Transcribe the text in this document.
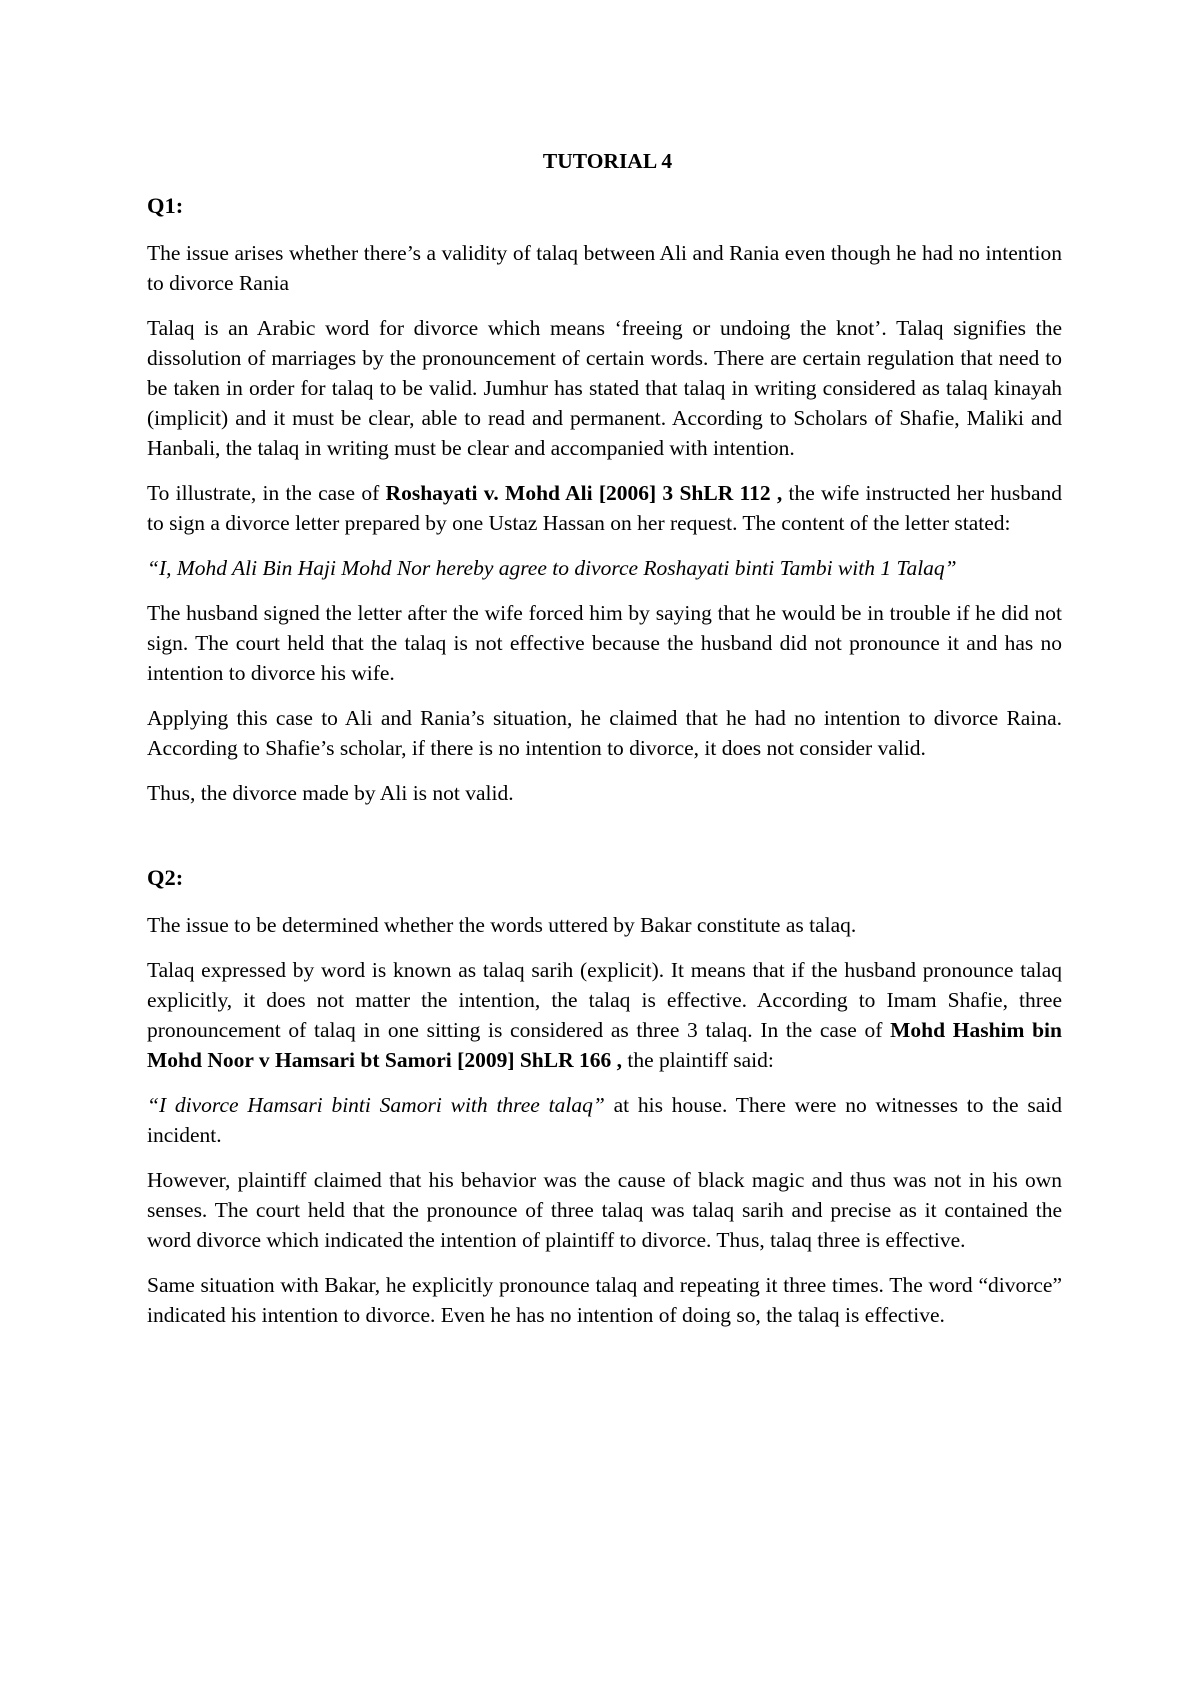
TUTORIAL 4
Q1:

The issue arises whether there’s a validity of talaq between Ali and Rania even though he had no intention to divorce Rania

Talaq is an Arabic word for divorce which means ‘freeing or undoing the knot’. Talaq signifies the dissolution of marriages by the pronouncement of certain words. There are certain regulation that need to be taken in order for talaq to be valid. Jumhur has stated that talaq in writing considered as talaq kinayah (implicit) and it must be clear, able to read and permanent. According to Scholars of Shafie, Maliki and Hanbali, the talaq in writing must be clear and accompanied with intention.

To illustrate, in the case of Roshayati v. Mohd Ali [2006] 3 ShLR 112 , the wife instructed her husband to sign a divorce letter prepared by one Ustaz Hassan on her request. The content of the letter stated:

“I, Mohd Ali Bin Haji Mohd Nor hereby agree to divorce Roshayati binti Tambi with 1 Talaq”

The husband signed the letter after the wife forced him by saying that he would be in trouble if he did not sign. The court held that the talaq is not effective because the husband did not pronounce it and has no intention to divorce his wife.

Applying this case to Ali and Rania’s situation, he claimed that he had no intention to divorce Raina. According to Shafie’s scholar, if there is no intention to divorce, it does not consider valid.

Thus, the divorce made by Ali is not valid.

Q2:

The issue to be determined whether the words uttered by Bakar constitute as talaq.

Talaq expressed by word is known as talaq sarih (explicit). It means that if the husband pronounce talaq explicitly, it does not matter the intention, the talaq is effective. According to Imam Shafie, three pronouncement of talaq in one sitting is considered as three 3 talaq. In the case of Mohd Hashim bin Mohd Noor v Hamsari bt Samori [2009] ShLR 166 , the plaintiff said:

“I divorce Hamsari binti Samori with three talaq” at his house. There were no witnesses to the said incident.

However, plaintiff claimed that his behavior was the cause of black magic and thus was not in his own senses. The court held that the pronounce of three talaq was talaq sarih and precise as it contained the word divorce which indicated the intention of plaintiff to divorce. Thus, talaq three is effective.

Same situation with Bakar, he explicitly pronounce talaq and repeating it three times. The word “divorce” indicated his intention to divorce. Even he has no intention of doing so, the talaq is effective.
